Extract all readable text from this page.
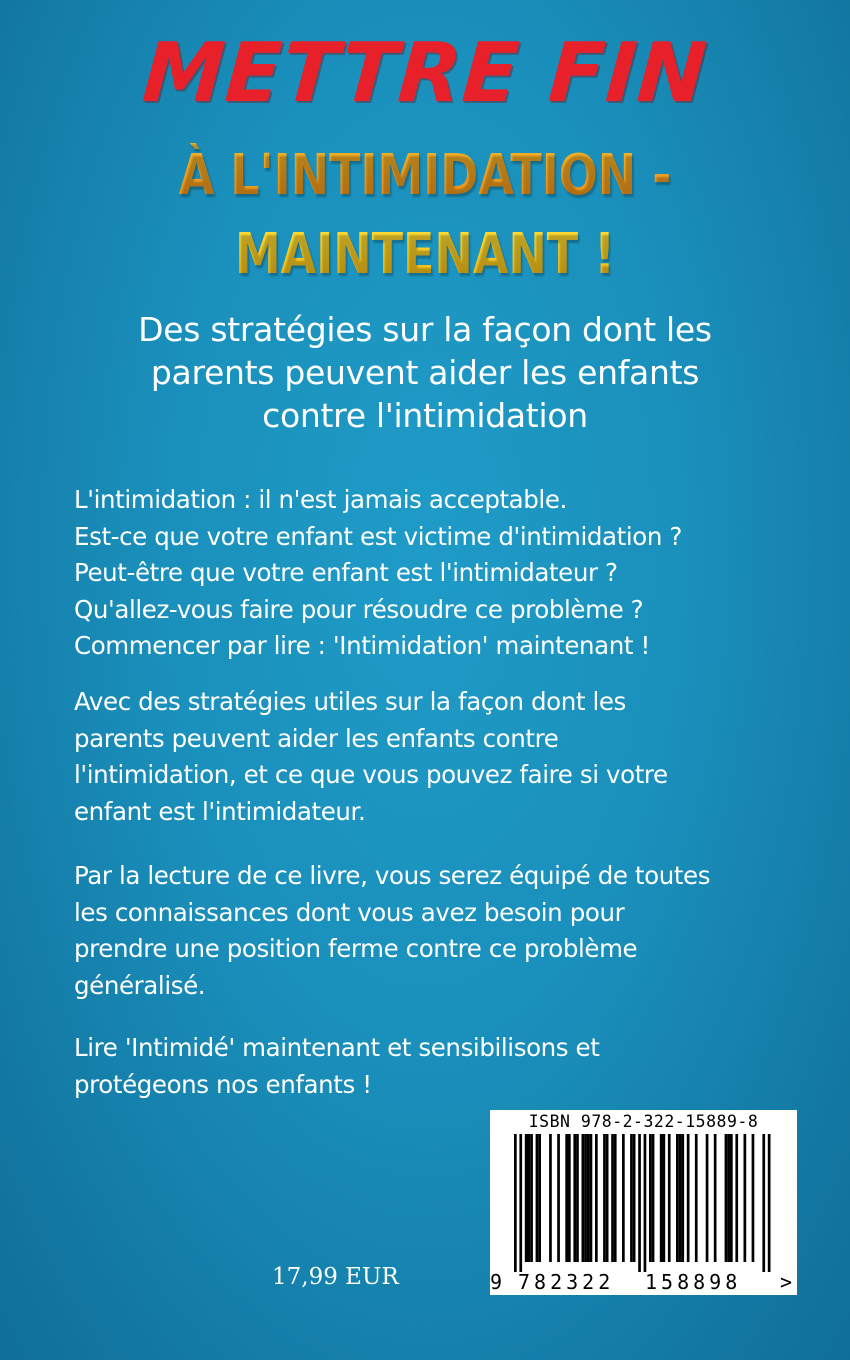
METTRE FIN
À L'INTIMIDATION -
MAINTENANT !
Des stratégies sur la façon dont les
parents peuvent aider les enfants
contre l'intimidation
L'intimidation : il n'est jamais acceptable.
Est-ce que votre enfant est victime d'intimidation ?
Peut-être que votre enfant est l'intimidateur ?
Qu'allez-vous faire pour résoudre ce problème ?
Commencer par lire : 'Intimidation' maintenant !
Avec des stratégies utiles sur la façon dont les
parents peuvent aider les enfants contre
l'intimidation, et ce que vous pouvez faire si votre
enfant est l'intimidateur.
Par la lecture de ce livre, vous serez équipé de toutes
les connaissances dont vous avez besoin pour
prendre une position ferme contre ce problème
généralisé.
Lire 'Intimidé' maintenant et sensibilisons et
protégeons nos enfants !
17,99 EUR
ISBN 978-2-322-15889-8
9 782322 158898 >
